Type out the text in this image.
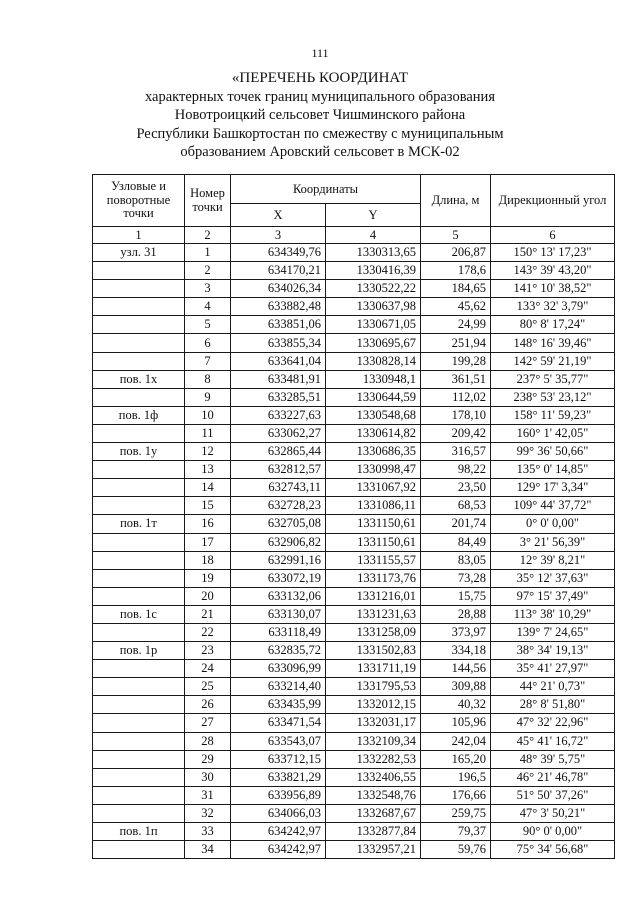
111
«ПЕРЕЧЕНЬ КООРДИНАТ
характерных точек границ муниципального образования
Новотроицкий сельсовет Чишминского района
Республики Башкортостан по смежеству с муниципальным
образованием Аровский сельсовет в МСК-02
Узловые и поворотные точки	Номер точки	Координаты		Длина, м	Дирекционный угол
		X	Y		
1	2	3	4	5	6
узл. 31	1	634349,76	1330313,65	206,87	150° 13' 17,23"
	2	634170,21	1330416,39	178,6	143° 39' 43,20"
	3	634026,34	1330522,22	184,65	141° 10' 38,52"
	4	633882,48	1330637,98	45,62	133° 32' 3,79"
	5	633851,06	1330671,05	24,99	80° 8' 17,24"
	6	633855,34	1330695,67	251,94	148° 16' 39,46"
	7	633641,04	1330828,14	199,28	142° 59' 21,19"
пов. 1х	8	633481,91	1330948,1	361,51	237° 5' 35,77"
	9	633285,51	1330644,59	112,02	238° 53' 23,12"
пов. 1ф	10	633227,63	1330548,68	178,10	158° 11' 59,23"
	11	633062,27	1330614,82	209,42	160° 1' 42,05"
пов. 1у	12	632865,44	1330686,35	316,57	99° 36' 50,66"
	13	632812,57	1330998,47	98,22	135° 0' 14,85"
	14	632743,11	1331067,92	23,50	129° 17' 3,34"
	15	632728,23	1331086,11	68,53	109° 44' 37,72"
пов. 1т	16	632705,08	1331150,61	201,74	0° 0' 0,00"
	17	632906,82	1331150,61	84,49	3° 21' 56,39"
	18	632991,16	1331155,57	83,05	12° 39' 8,21"
	19	633072,19	1331173,76	73,28	35° 12' 37,63"
	20	633132,06	1331216,01	15,75	97° 15' 37,49"
пов. 1с	21	633130,07	1331231,63	28,88	113° 38' 10,29"
	22	633118,49	1331258,09	373,97	139° 7' 24,65"
пов. 1р	23	632835,72	1331502,83	334,18	38° 34' 19,13"
	24	633096,99	1331711,19	144,56	35° 41' 27,97"
	25	633214,40	1331795,53	309,88	44° 21' 0,73"
	26	633435,99	1332012,15	40,32	28° 8' 51,80"
	27	633471,54	1332031,17	105,96	47° 32' 22,96"
	28	633543,07	1332109,34	242,04	45° 41' 16,72"
	29	633712,15	1332282,53	165,20	48° 39' 5,75"
	30	633821,29	1332406,55	196,5	46° 21' 46,78"
	31	633956,89	1332548,76	176,66	51° 50' 37,26"
	32	634066,03	1332687,67	259,75	47° 3' 50,21"
пов. 1п	33	634242,97	1332877,84	79,37	90° 0' 0,00"
	34	634242,97	1332957,21	59,76	75° 34' 56,68"
